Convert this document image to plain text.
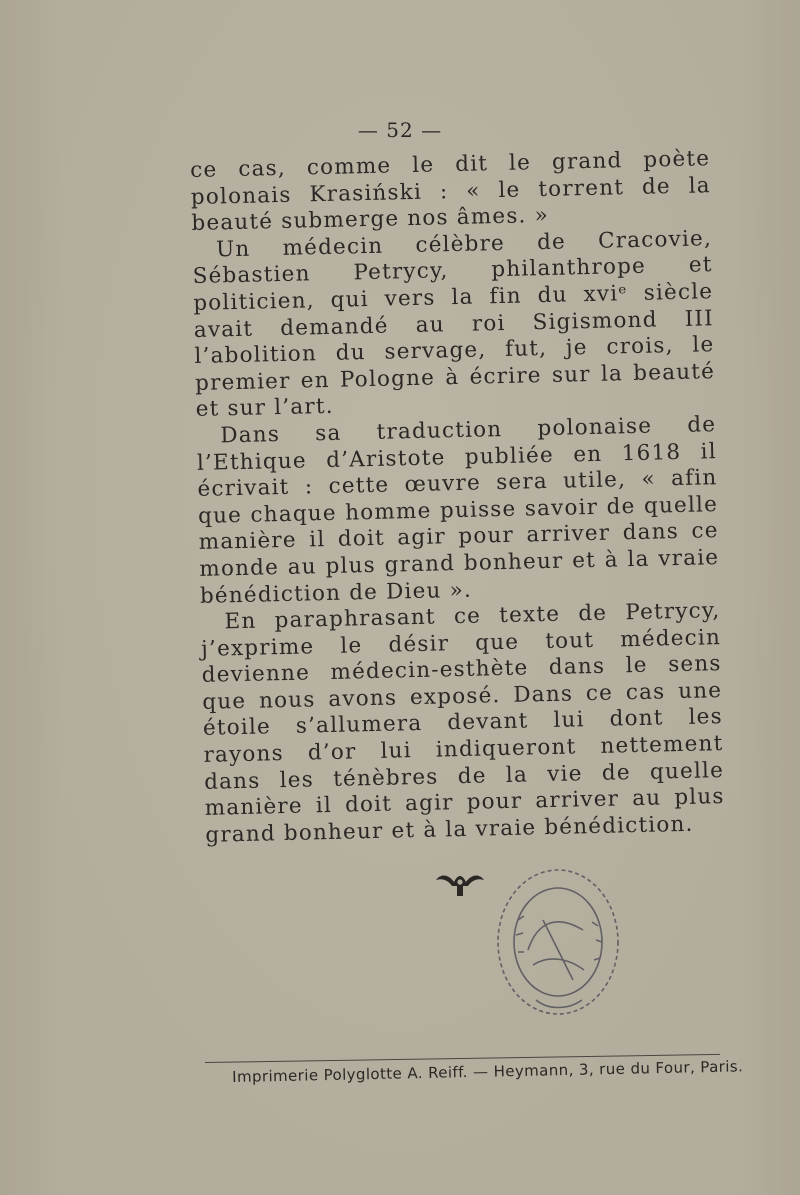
— 52 —

ce cas, comme le dit le grand poète polonais Krasiński : « le torrent de la beauté submerge nos âmes. »

Un médecin célèbre de Cracovie, Sébastien Petrycy, philanthrope et politicien, qui vers la fin du xviᵉ siècle avait demandé au roi Sigismond III l’abolition du servage, fut, je crois, le premier en Pologne à écrire sur la beauté et sur l’art.

Dans sa traduction polonaise de l’Ethique d’Aristote publiée en 1618 il écrivait : cette œuvre sera utile, « afin que chaque homme puisse savoir de quelle manière il doit agir pour arriver dans ce monde au plus grand bonheur et à la vraie bénédiction de Dieu ».

En paraphrasant ce texte de Petrycy, j’exprime le désir que tout médecin devienne médecin-esthète dans le sens que nous avons exposé. Dans ce cas une étoile s’allumera devant lui dont les rayons d’or lui indiqueront nettement dans les ténèbres de la vie de quelle manière il doit agir pour arriver au plus grand bonheur et à la vraie bénédiction.

Imprimerie Polyglotte A. Reiff. — Heymann, 3, rue du Four, Paris.
